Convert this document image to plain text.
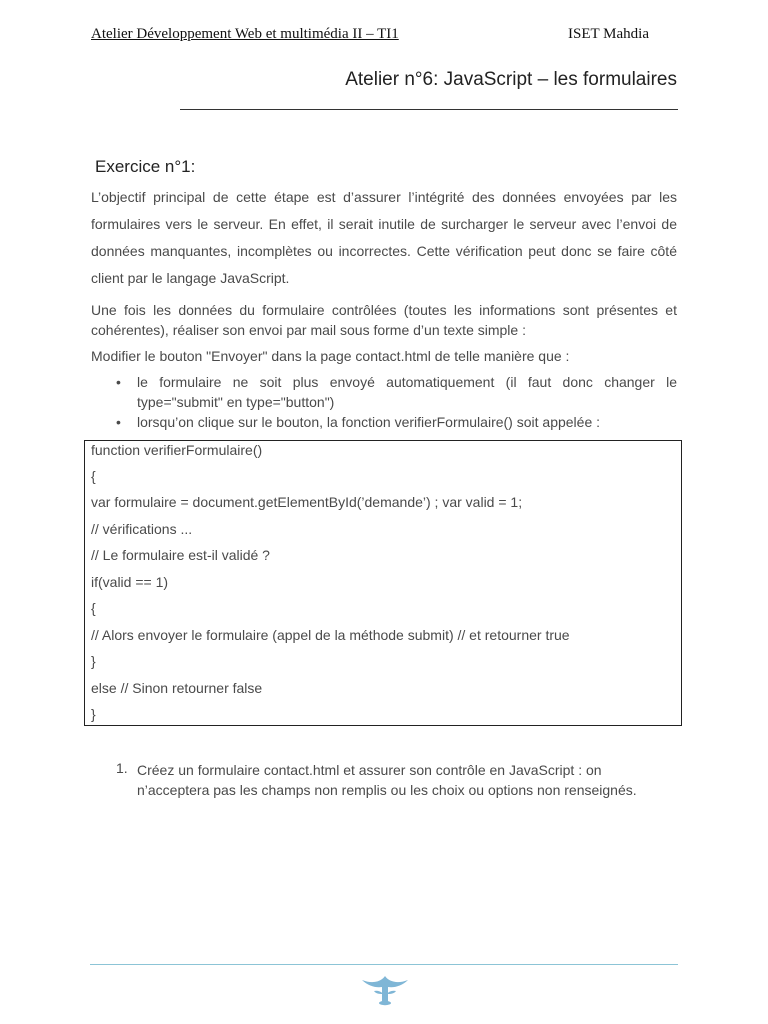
Atelier Développement Web et multimédia II – TI1	ISET Mahdia
Atelier n°6: JavaScript – les formulaires
Exercice n°1:
L’objectif principal de cette étape est d’assurer l’intégrité des données envoyées par les formulaires vers le serveur. En effet, il serait inutile de surcharger le serveur avec l’envoi de données manquantes, incomplètes ou incorrectes. Cette vérification peut donc se faire côté client par le langage JavaScript.
Une fois les données du formulaire contrôlées (toutes les informations sont présentes et cohérentes), réaliser son envoi par mail sous forme d’un texte simple :
Modifier le bouton "Envoyer" dans la page contact.html de telle manière que :
• le formulaire ne soit plus envoyé automatiquement (il faut donc changer le type="submit" en type="button")
• lorsqu’on clique sur le bouton, la fonction verifierFormulaire() soit appelée :
function verifierFormulaire()
{
var formulaire = document.getElementById(’demande’) ; var valid = 1;
// vérifications ...
// Le formulaire est-il validé ?
if(valid == 1)
{
// Alors envoyer le formulaire (appel de la méthode submit) // et retourner true
}
else // Sinon retourner false
}
1. Créez un formulaire contact.html et assurer son contrôle en JavaScript : on n’acceptera pas les champs non remplis ou les choix ou options non renseignés.
